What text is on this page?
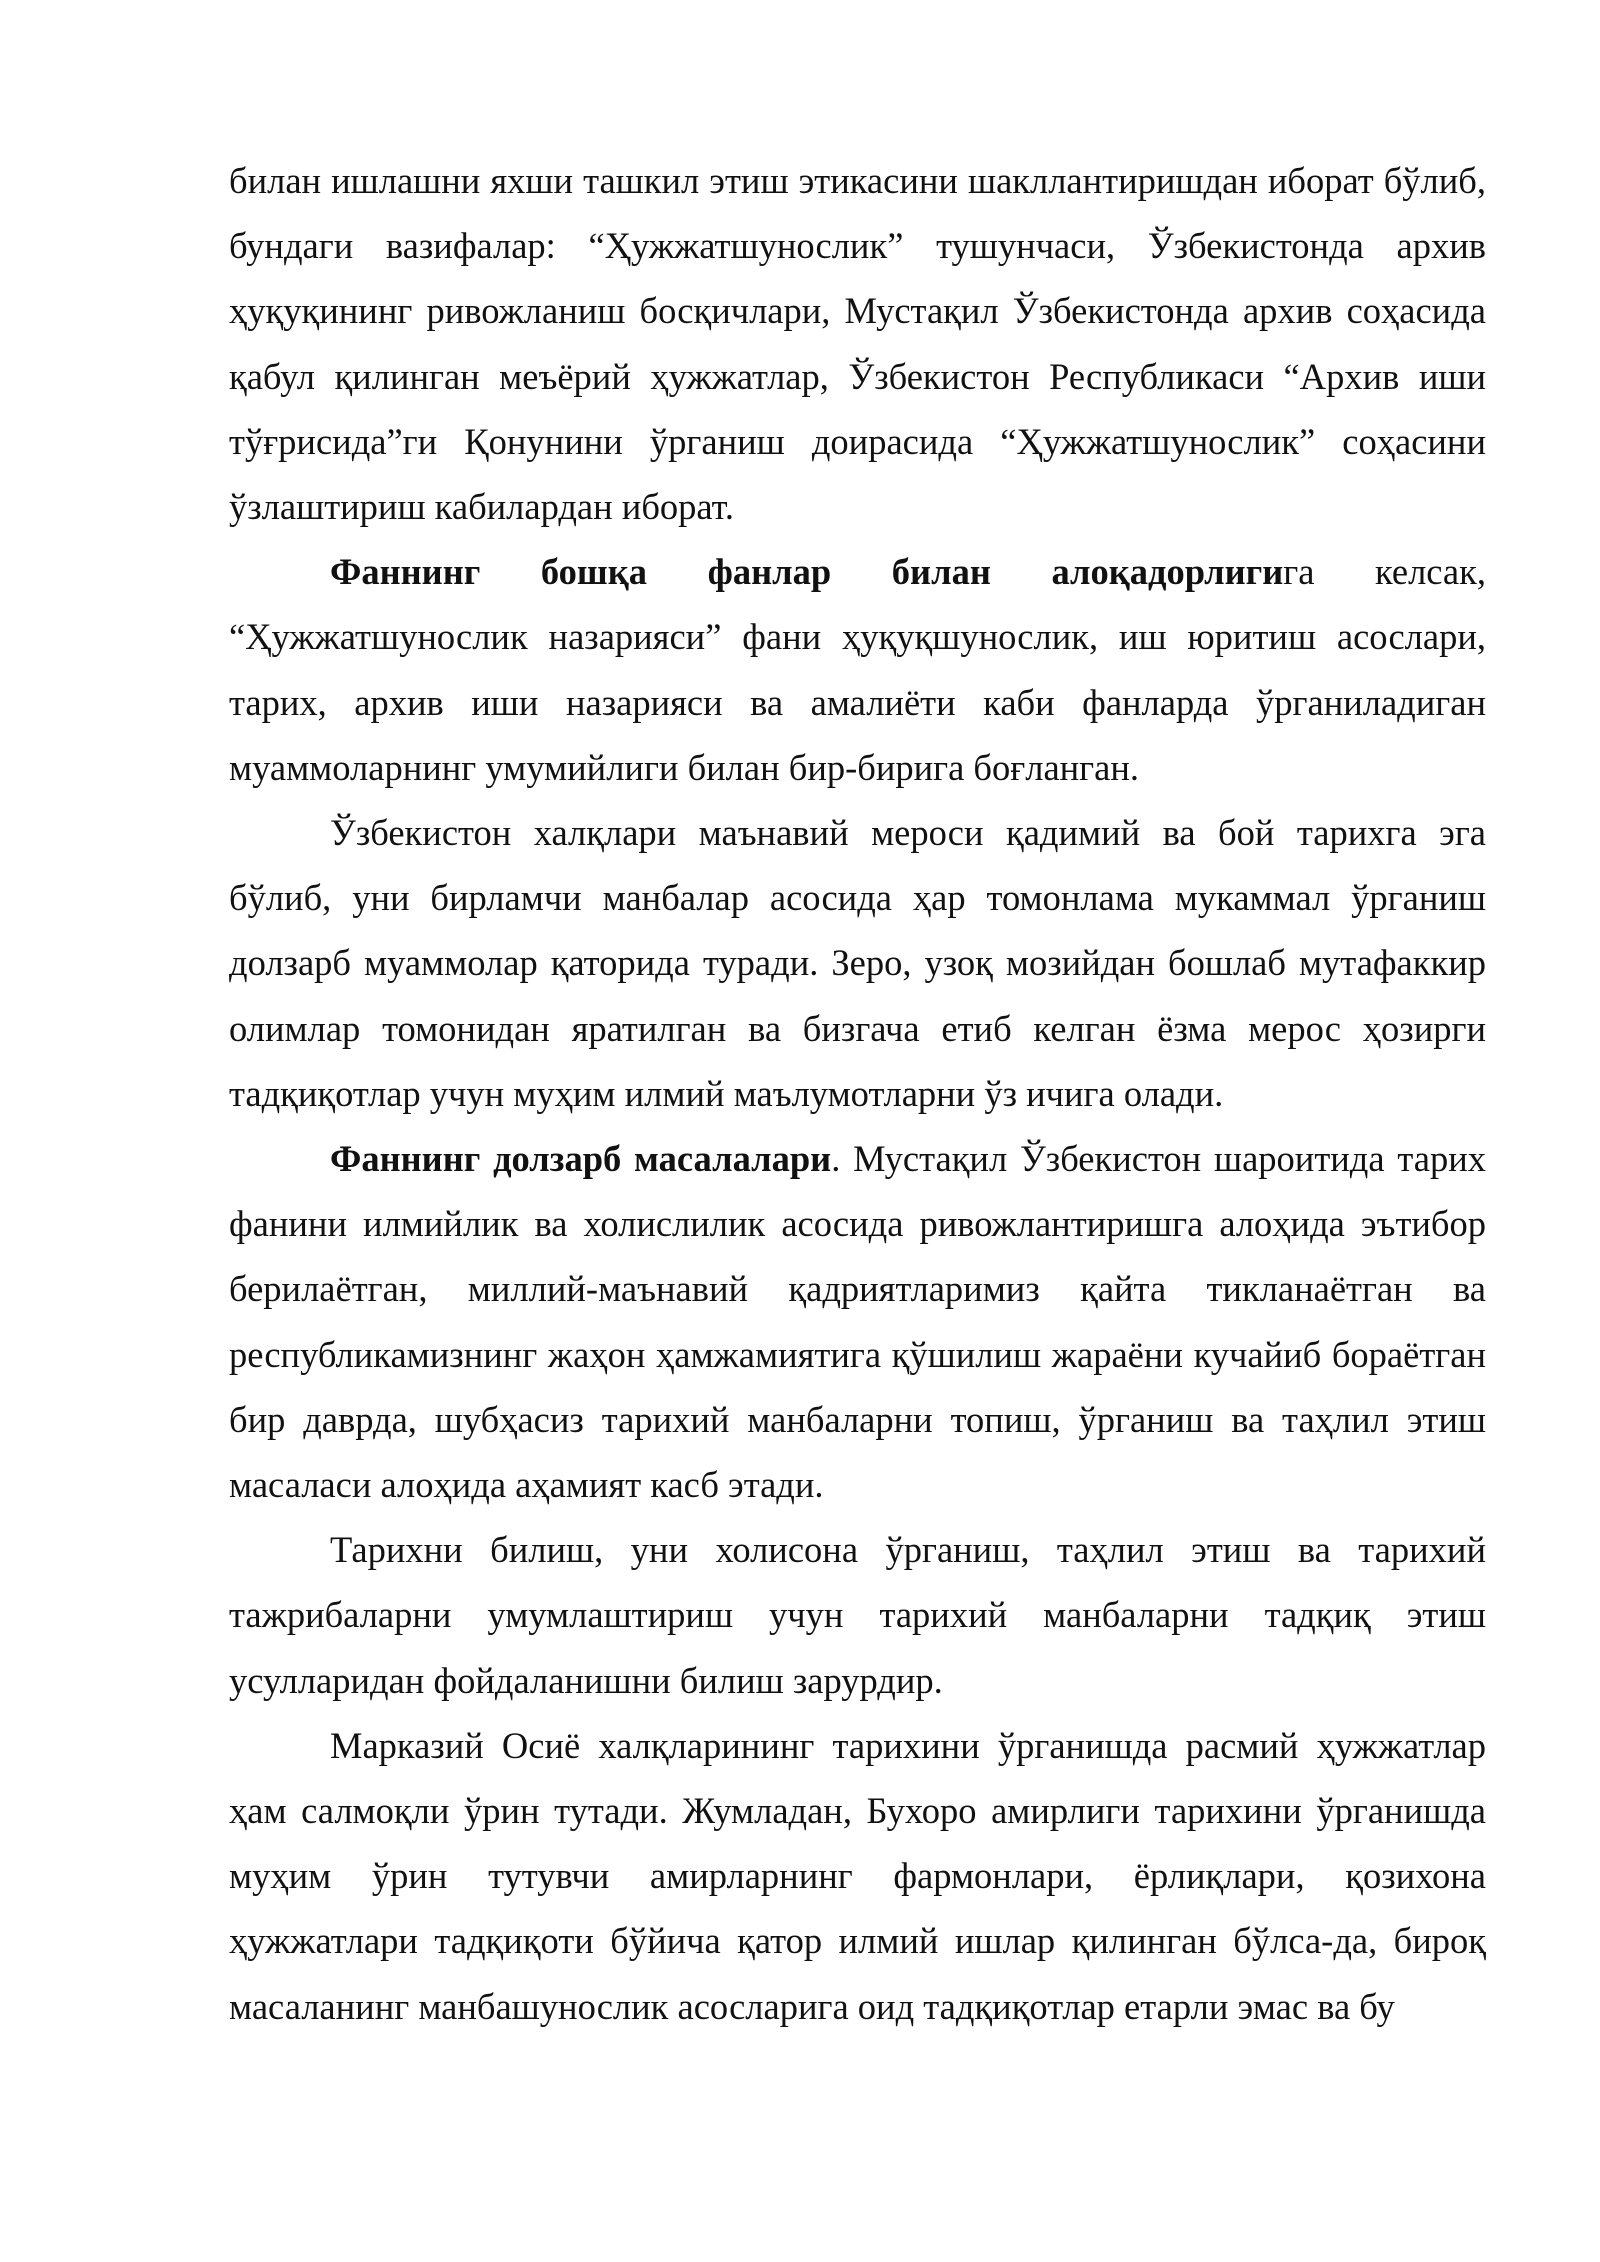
билан ишлашни яхши ташкил этиш этикасини шакллантиришдан иборат бўлиб, бундаги вазифалар: “Ҳужжатшунослик” тушунчаси, Ўзбекистонда архив ҳуқуқининг ривожланиш босқичлари, Мустақил Ўзбекистонда архив соҳасида қабул қилинган меъёрий ҳужжатлар, Ўзбекистон Республикаси “Архив иши тўғрисида”ги Қонунини ўрганиш доирасида “Ҳужжатшунослик” соҳасини ўзлаштириш кабилардан иборат.

Фаннинг бошқа фанлар билан алоқадорлигига келсак, “Ҳужжатшунослик назарияси” фани ҳуқуқшунослик, иш юритиш асослари, тарих, архив иши назарияси ва амалиёти каби фанларда ўрганиладиган муаммоларнинг умумийлиги билан бир-бирига боғланган.

Ўзбекистон халқлари маънавий мероси қадимий ва бой тарихга эга бўлиб, уни бирламчи манбалар асосида ҳар томонлама мукаммал ўрганиш долзарб муаммолар қаторида туради. Зеро, узоқ мозийдан бошлаб мутафаккир олимлар томонидан яратилган ва бизгача етиб келган ёзма мерос ҳозирги тадқиқотлар учун муҳим илмий маълумотларни ўз ичига олади.

Фаннинг долзарб масалалари. Мустақил Ўзбекистон шароитида тарих фанини илмийлик ва холислилик асосида ривожлантиришга алоҳида эътибор берилаётган, миллий-маънавий қадриятларимиз қайта тикланаётган ва республикамизнинг жаҳон ҳамжамиятига қўшилиш жараёни кучайиб бораётган бир даврда, шубҳасиз тарихий манбаларни топиш, ўрганиш ва таҳлил этиш масаласи алоҳида аҳамият касб этади.

Тарихни билиш, уни холисона ўрганиш, таҳлил этиш ва тарихий тажрибаларни умумлаштириш учун тарихий манбаларни тадқиқ этиш усулларидан фойдаланишни билиш зарурдир.

Марказий Осиё халқларининг тарихини ўрганишда расмий ҳужжатлар ҳам салмоқли ўрин тутади. Жумладан, Бухоро амирлиги тарихини ўрганишда муҳим ўрин тутувчи амирларнинг фармонлари, ёрлиқлари, қозихона ҳужжатлари тадқиқоти бўйича қатор илмий ишлар қилинган бўлса-да, бироқ масаланинг манбашунослик асосларига оид тадқиқотлар етарли эмас ва бу
